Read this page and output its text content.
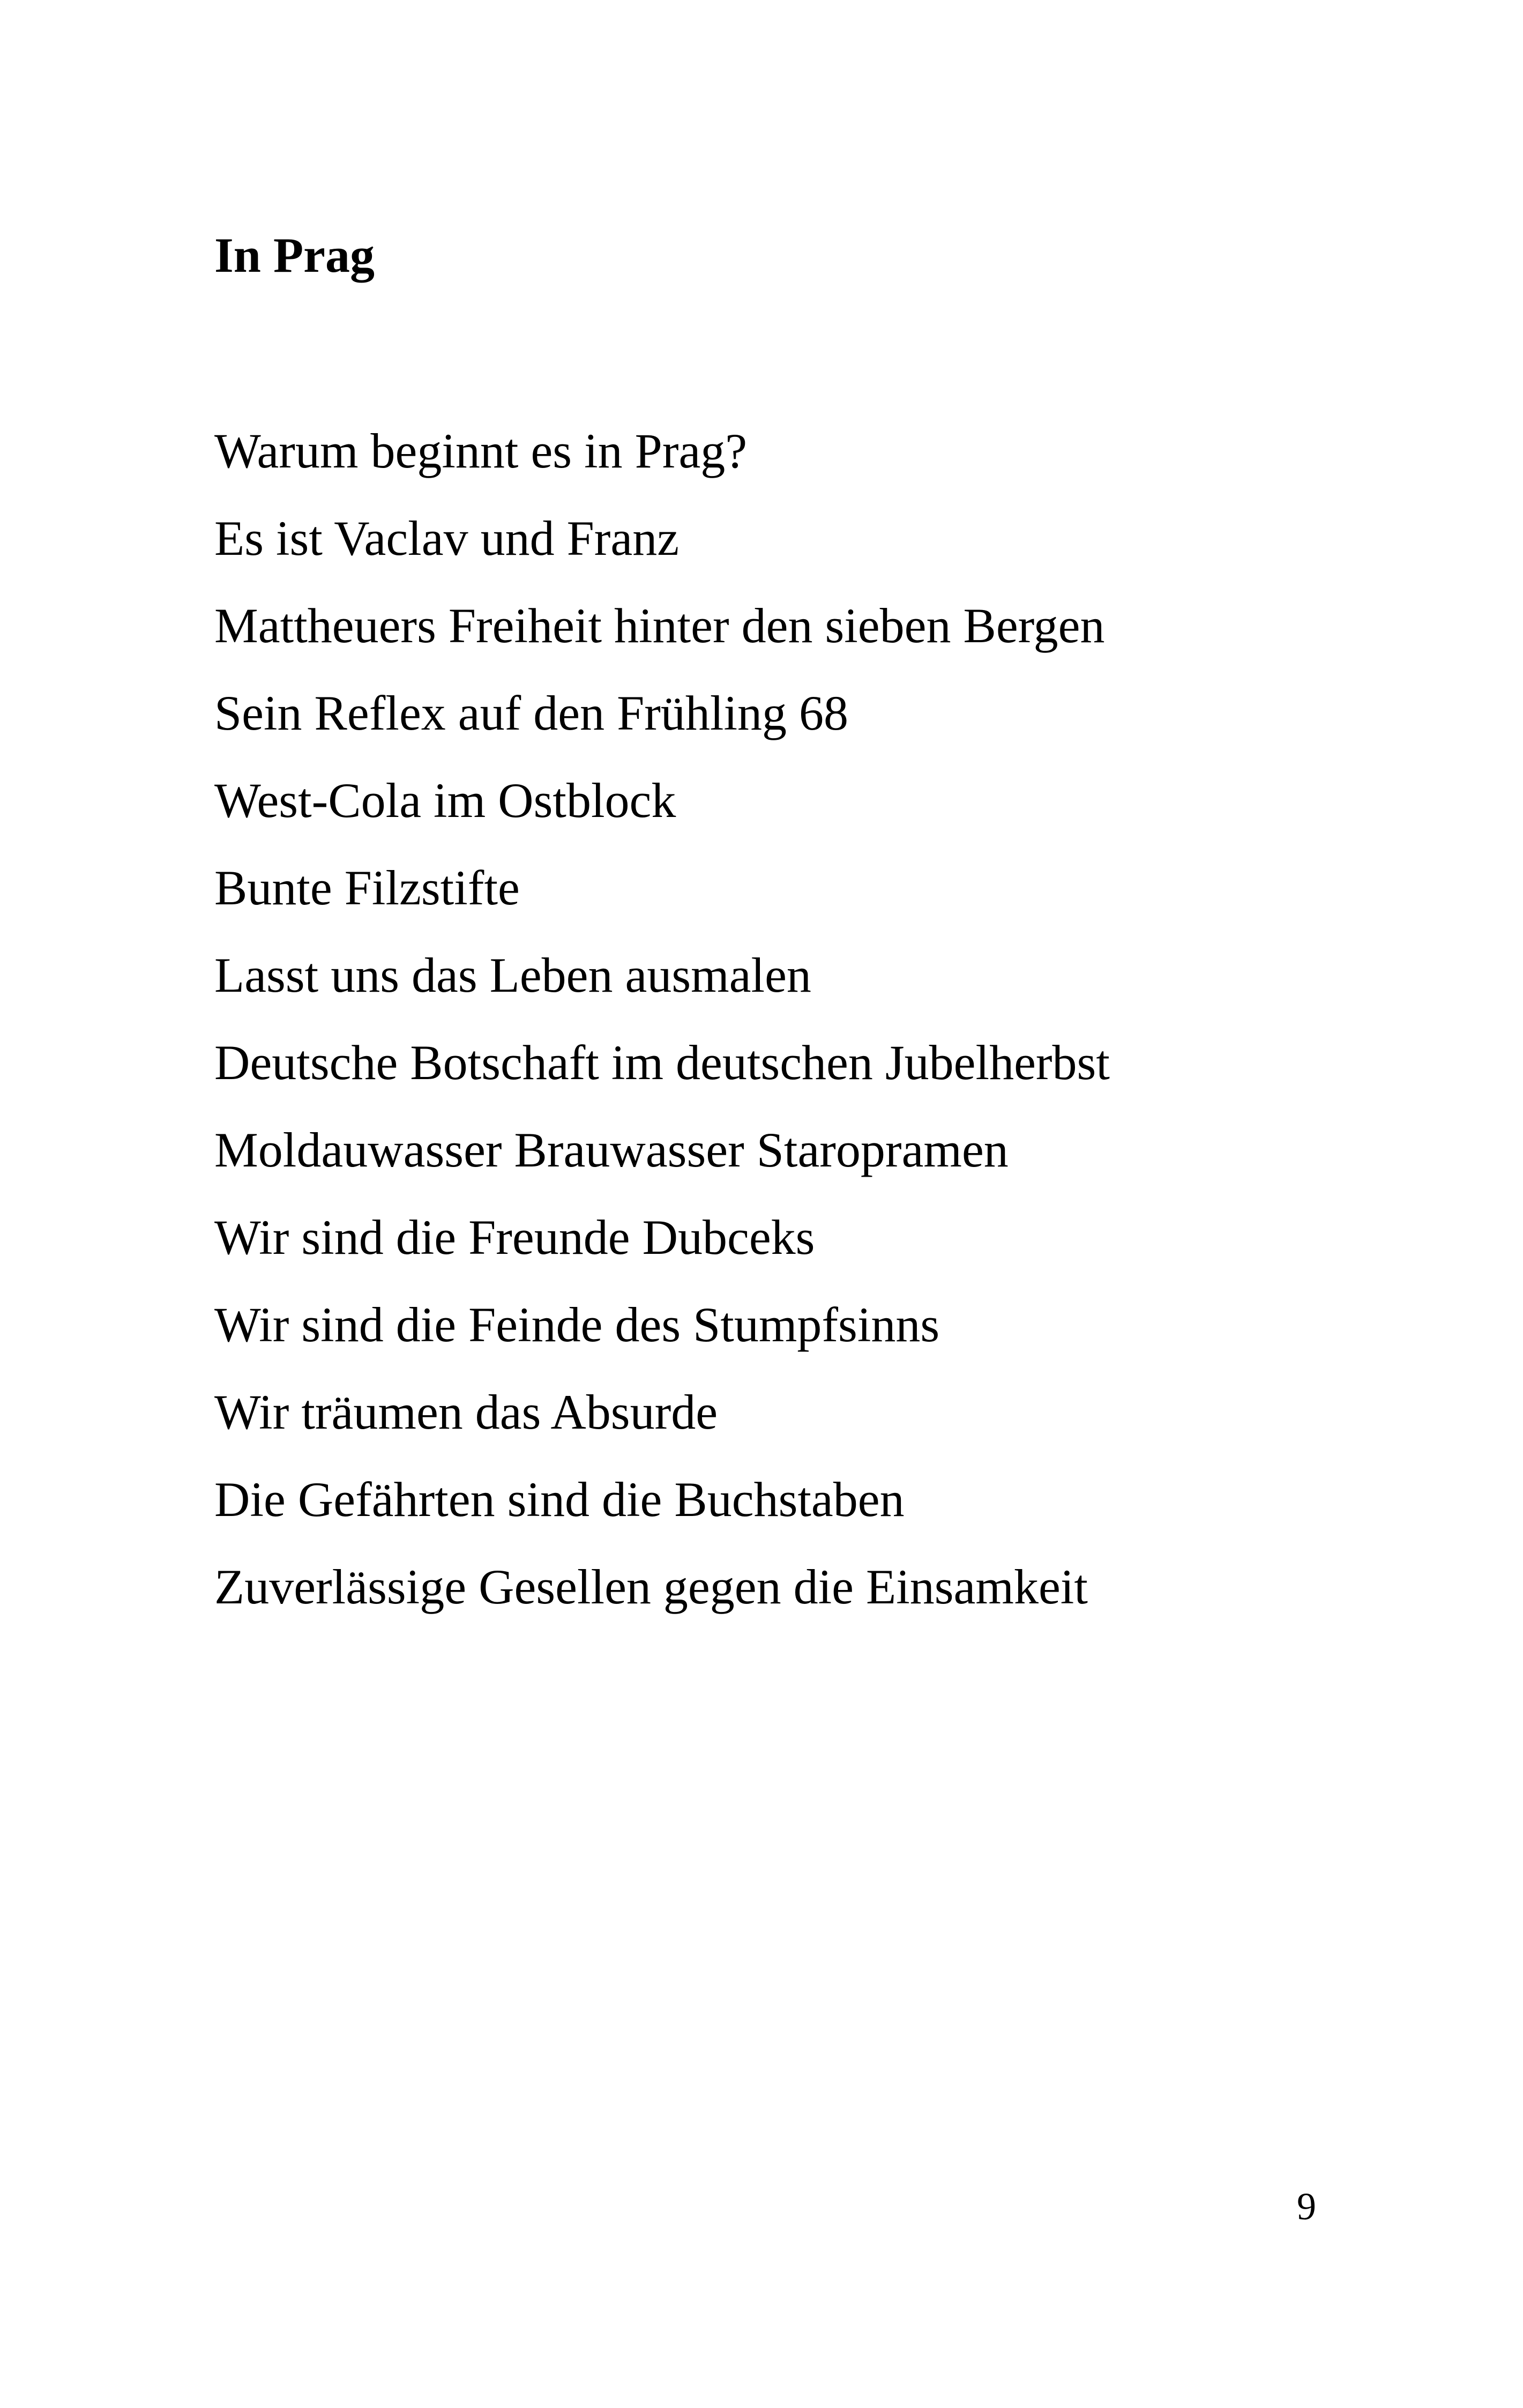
In Prag
Warum beginnt es in Prag?
Es ist Vaclav und Franz
Mattheuers Freiheit hinter den sieben Bergen
Sein Reflex auf den Frühling 68
West-Cola im Ostblock
Bunte Filzstifte
Lasst uns das Leben ausmalen
Deutsche Botschaft im deutschen Jubelherbst
Moldauwasser Brauwasser Staropramen
Wir sind die Freunde Dubceks
Wir sind die Feinde des Stumpfsinns
Wir träumen das Absurde
Die Gefährten sind die Buchstaben
Zuverlässige Gesellen gegen die Einsamkeit
9
